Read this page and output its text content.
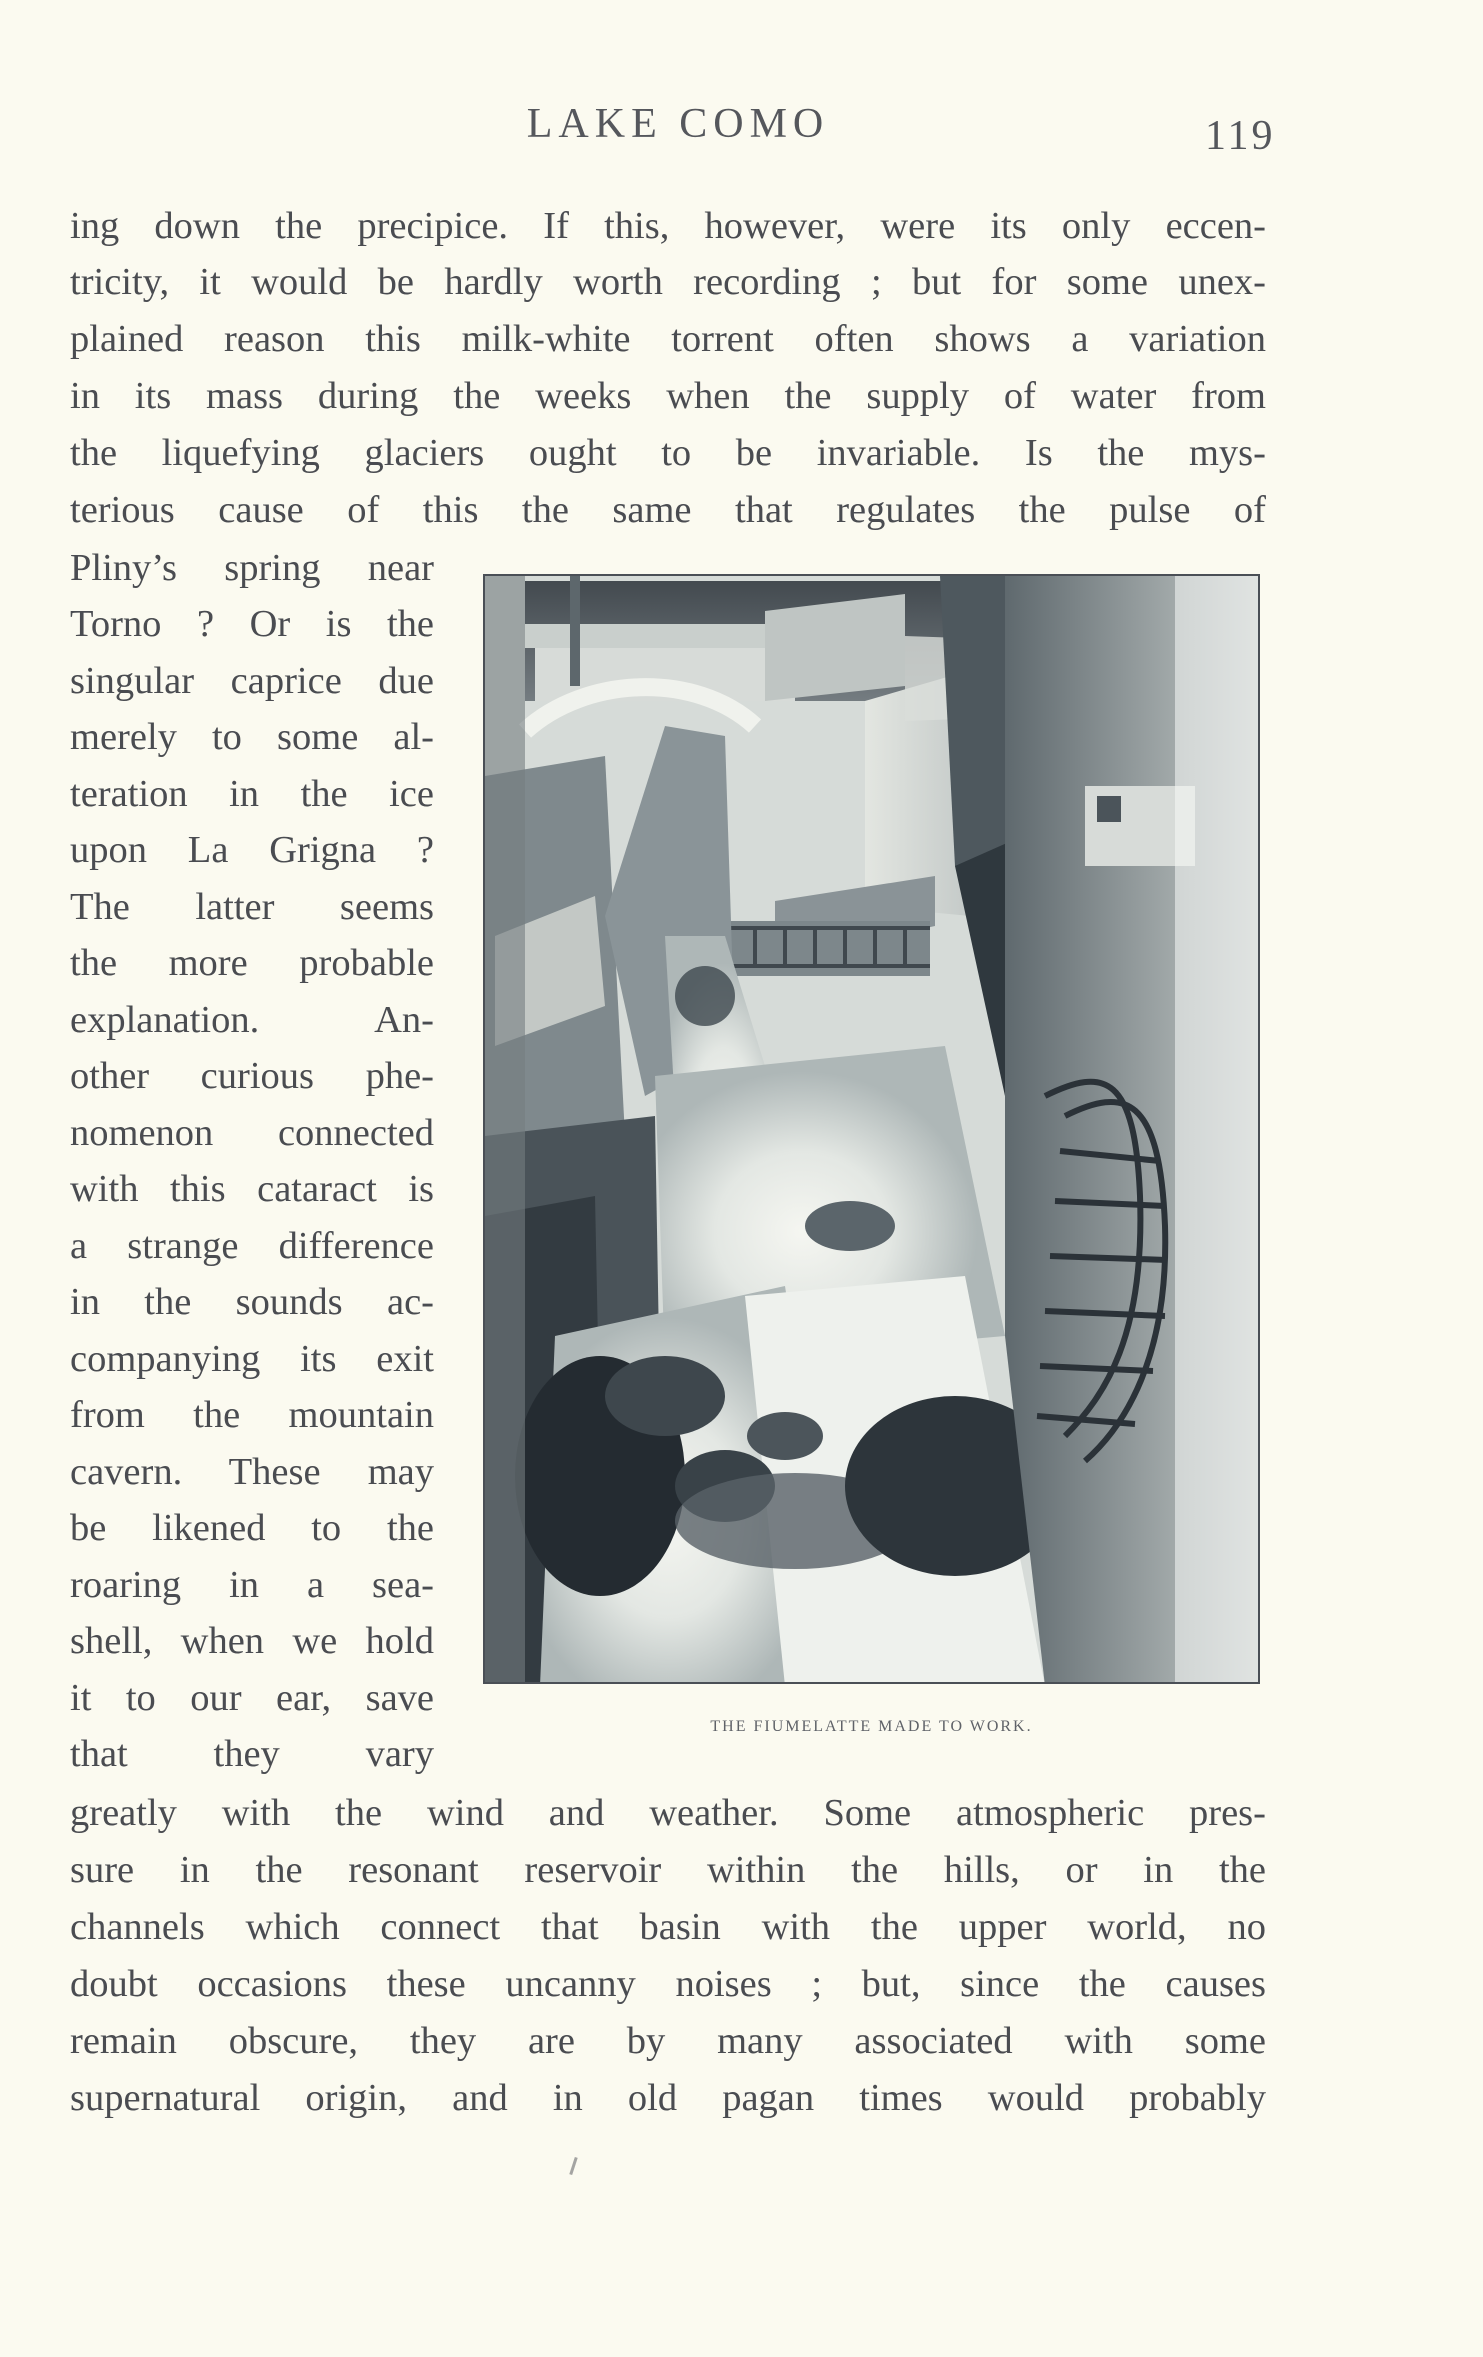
LAKE COMO	119
ing down the precipice. If this, however, were its only eccen-
tricity, it would be hardly worth recording ; but for some unex-
plained reason this milk-white torrent often shows a variation
in its mass during the weeks when the supply of water from
the liquefying glaciers ought to be invariable. Is the mys-
terious cause of this the same that regulates the pulse of
Pliny’s spring near
Torno ? Or is the
singular caprice due
merely to some al-
teration in the ice
upon La Grigna ?
The latter seems
the more probable
explanation. An-
other curious phe-
nomenon connected
with this cataract is
a strange difference
in the sounds ac-
companying its exit
from the mountain
cavern. These may
be likened to the
roaring in a sea-
shell, when we hold
it to our ear, save
that they vary
THE FIUMELATTE MADE TO WORK.
greatly with the wind and weather. Some atmospheric pres-
sure in the resonant reservoir within the hills, or in the
channels which connect that basin with the upper world, no
doubt occasions these uncanny noises ; but, since the causes
remain obscure, they are by many associated with some
supernatural origin, and in old pagan times would probably
